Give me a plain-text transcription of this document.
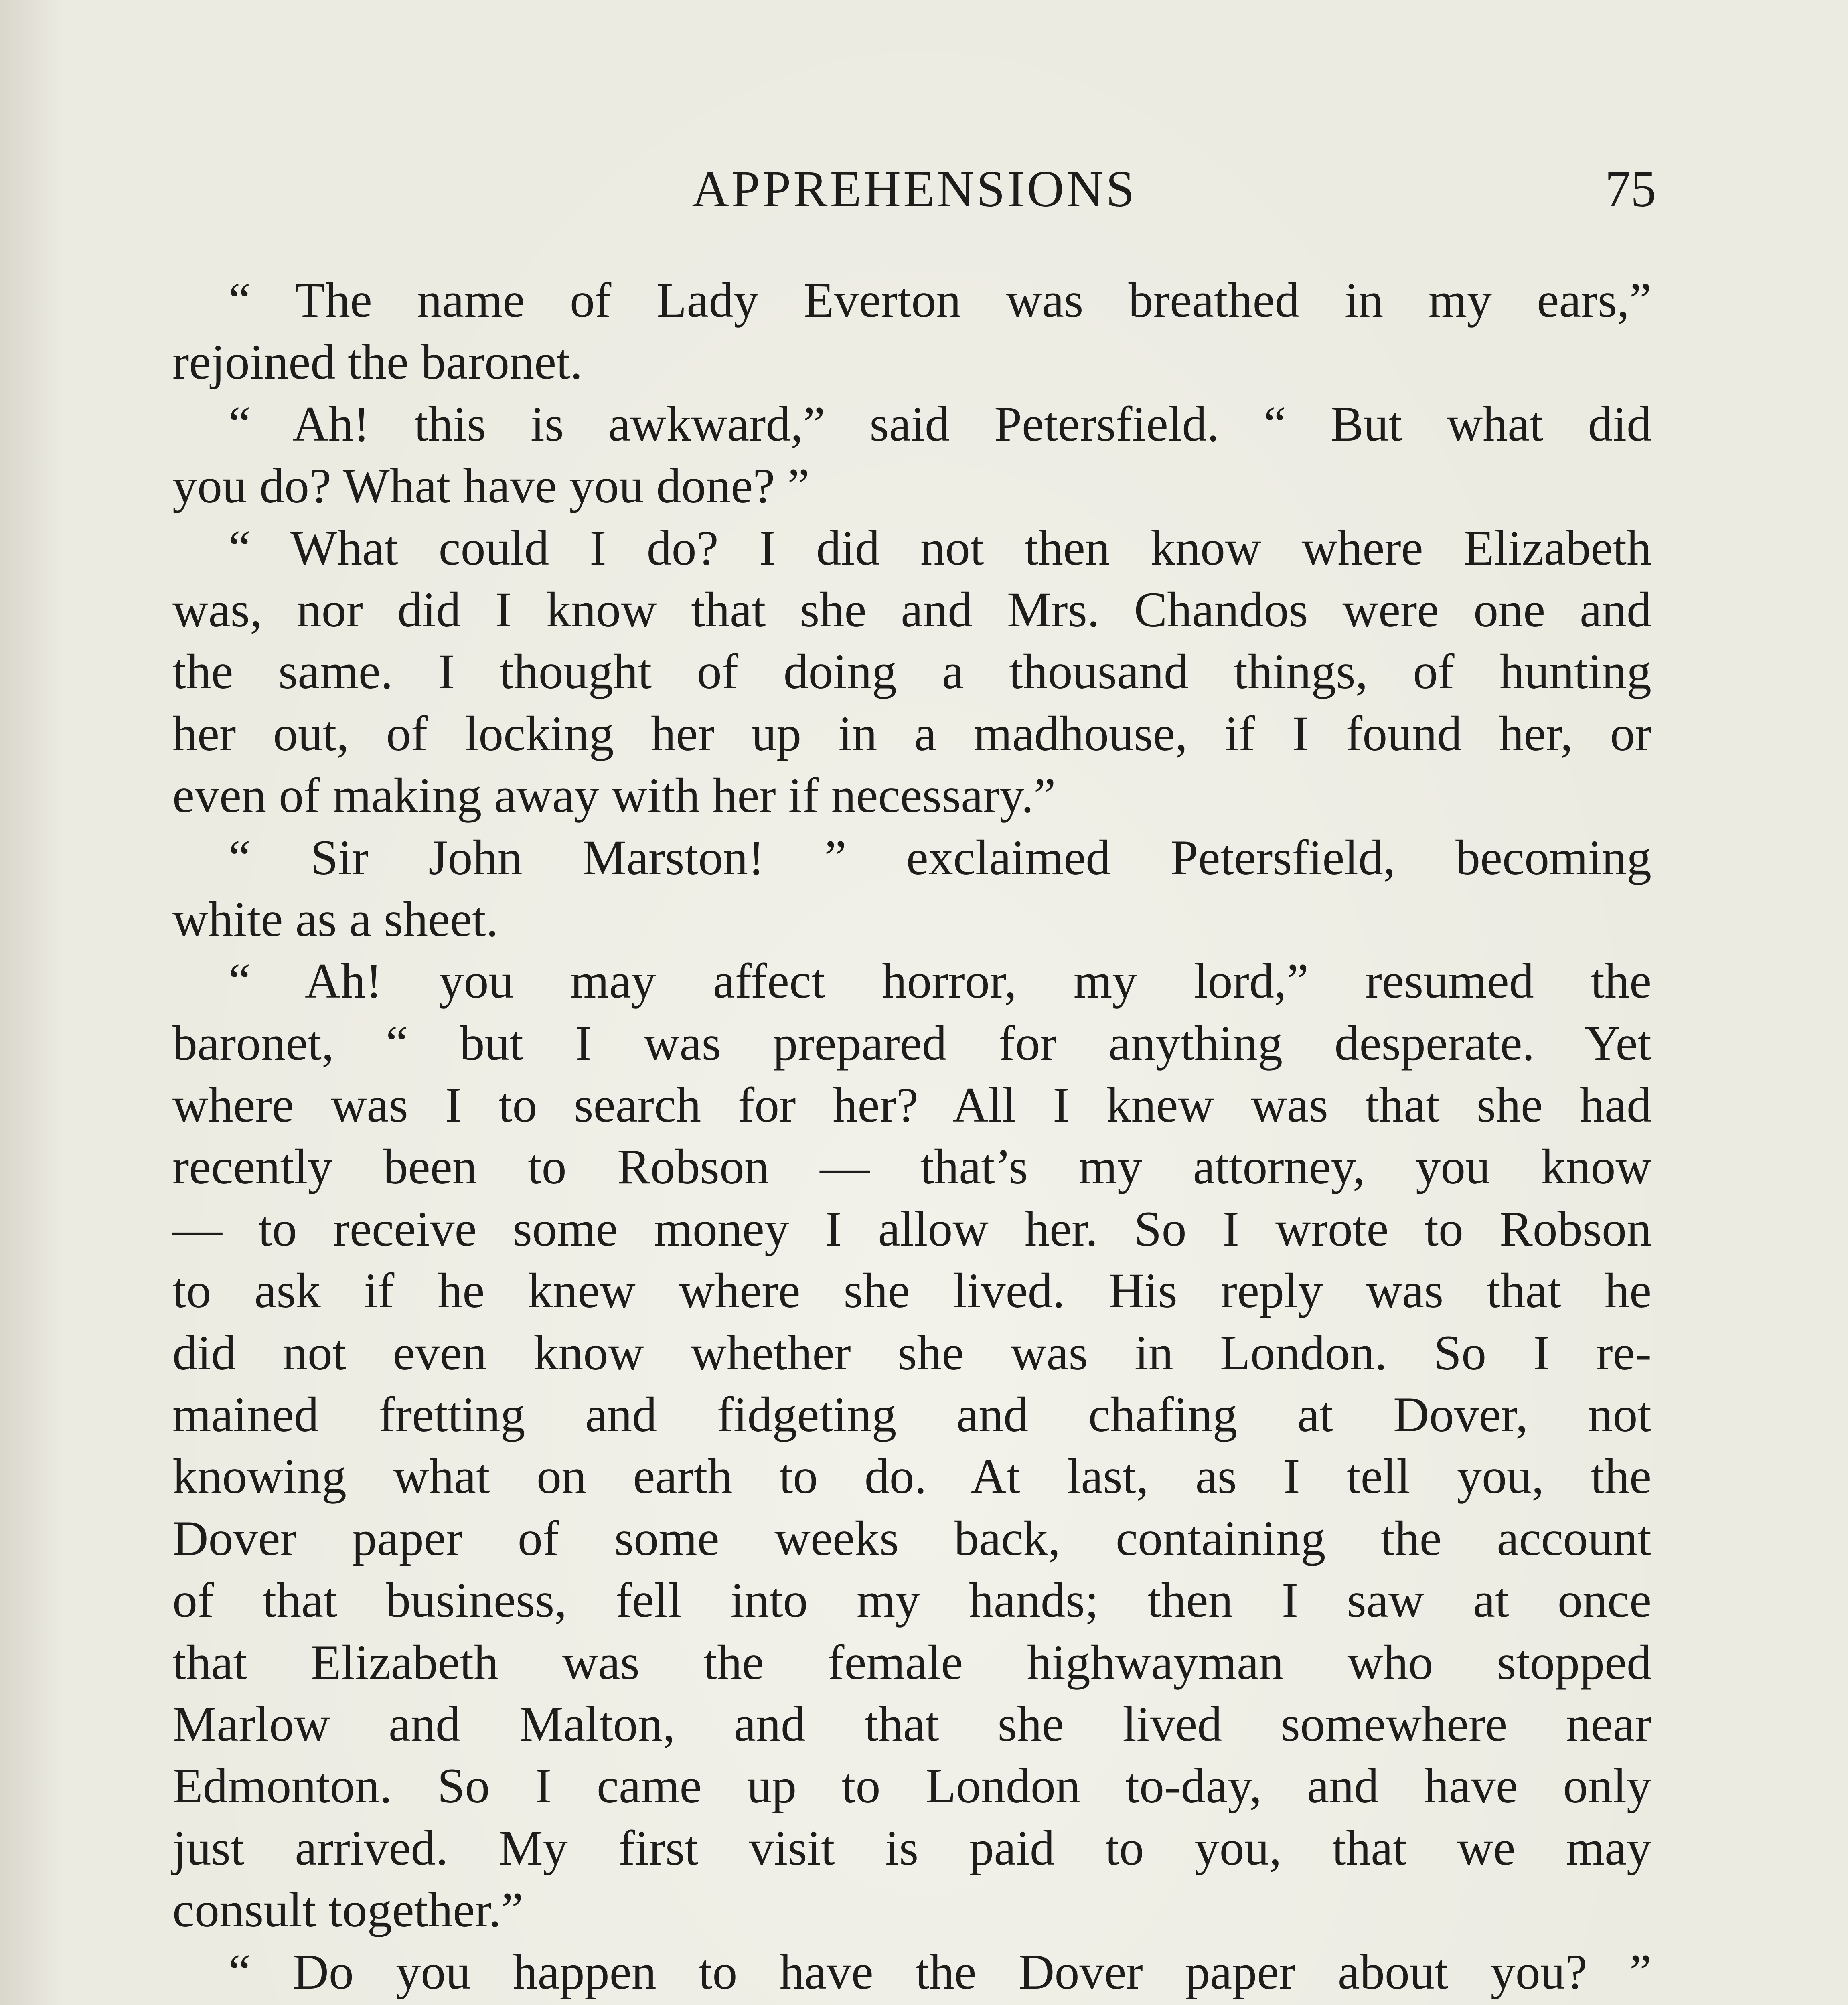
APPREHENSIONS	75
“ The name of Lady Everton was breathed in my ears,”
rejoined the baronet.
“ Ah! this is awkward,” said Petersfield. “ But what did
you do? What have you done? ”
“ What could I do? I did not then know where Elizabeth
was, nor did I know that she and Mrs. Chandos were one and
the same. I thought of doing a thousand things, of hunting
her out, of locking her up in a madhouse, if I found her, or
even of making away with her if necessary.”
“ Sir John Marston! ” exclaimed Petersfield, becoming
white as a sheet.
“ Ah! you may affect horror, my lord,” resumed the
baronet, “ but I was prepared for anything desperate. Yet
where was I to search for her? All I knew was that she had
recently been to Robson — that’s my attorney, you know
— to receive some money I allow her. So I wrote to Robson
to ask if he knew where she lived. His reply was that he
did not even know whether she was in London. So I re-
mained fretting and fidgeting and chafing at Dover, not
knowing what on earth to do. At last, as I tell you, the
Dover paper of some weeks back, containing the account
of that business, fell into my hands; then I saw at once
that Elizabeth was the female highwayman who stopped
Marlow and Malton, and that she lived somewhere near
Edmonton. So I came up to London to-day, and have only
just arrived. My first visit is paid to you, that we may
consult together.”
“ Do you happen to have the Dover paper about you? ”
